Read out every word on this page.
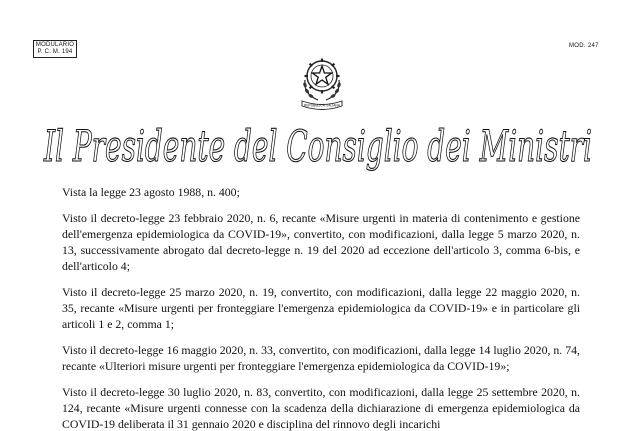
MODULARIO
P. C. M. 194
MOD. 247
REPUBBLICA ITALIANA
Il Presidente del Consiglio dei Ministri

Vista la legge 23 agosto 1988, n. 400;

Visto il decreto-legge 23 febbraio 2020, n. 6, recante «Misure urgenti in materia di contenimento e gestione dell'emergenza epidemiologica da COVID-19», convertito, con modificazioni, dalla legge 5 marzo 2020, n. 13, successivamente abrogato dal decreto-legge n. 19 del 2020 ad eccezione dell'articolo 3, comma 6-bis, e dell'articolo 4;

Visto il decreto-legge 25 marzo 2020, n. 19, convertito, con modificazioni, dalla legge 22 maggio 2020, n. 35, recante «Misure urgenti per fronteggiare l'emergenza epidemiologica da COVID-19» e in particolare gli articoli 1 e 2, comma 1;

Visto il decreto-legge 16 maggio 2020, n. 33, convertito, con modificazioni, dalla legge 14 luglio 2020, n. 74, recante «Ulteriori misure urgenti per fronteggiare l'emergenza epidemiologica da COVID-19»;

Visto il decreto-legge 30 luglio 2020, n. 83, convertito, con modificazioni, dalla legge 25 settembre 2020, n. 124, recante «Misure urgenti connesse con la scadenza della dichiarazione di emergenza epidemiologica da COVID-19 deliberata il 31 gennaio 2020 e disciplina del rinnovo degli incarichi
